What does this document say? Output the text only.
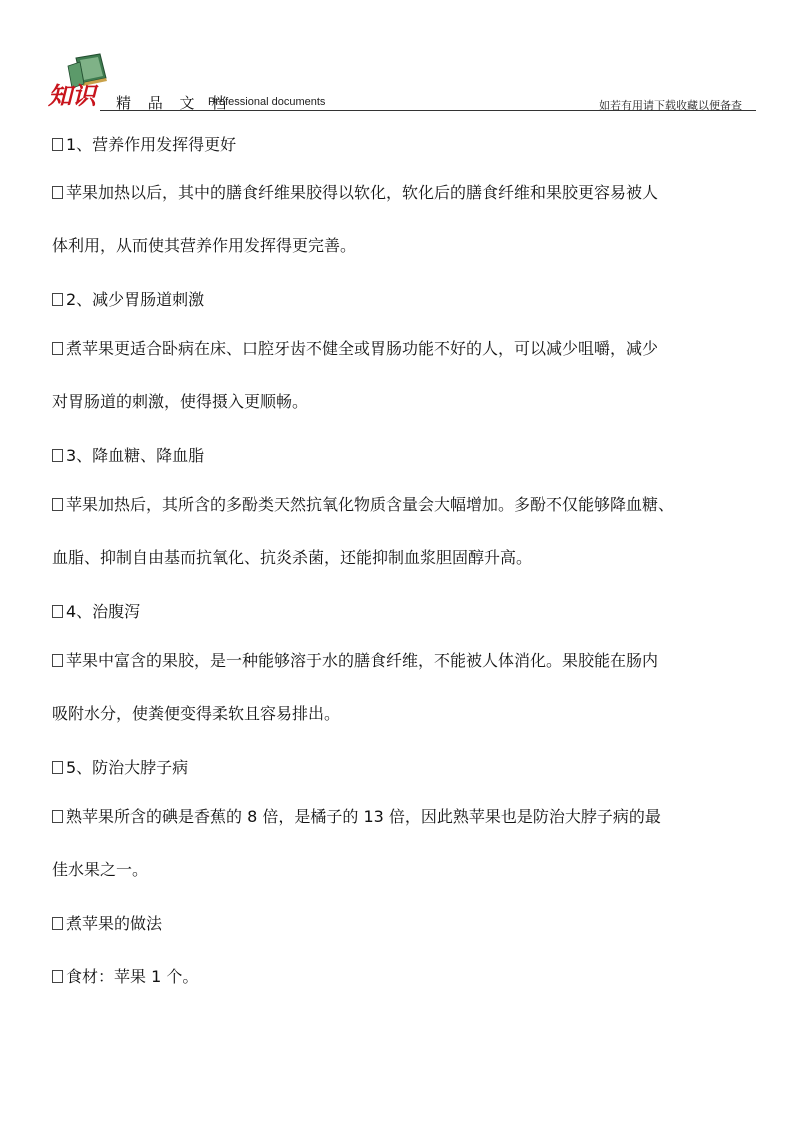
知识 精 品 文 档
Professional documents	如若有用请下载收藏以便备查
1、营养作用发挥得更好
苹果加热以后，其中的膳食纤维果胶得以软化，软化后的膳食纤维和果胶更容易被人
体利用，从而使其营养作用发挥得更完善。
2、减少胃肠道刺激
煮苹果更适合卧病在床、口腔牙齿不健全或胃肠功能不好的人，可以减少咀嚼，减少
对胃肠道的刺激，使得摄入更顺畅。
3、降血糖、降血脂
苹果加热后，其所含的多酚类天然抗氧化物质含量会大幅增加。多酚不仅能够降血糖、
血脂、抑制自由基而抗氧化、抗炎杀菌，还能抑制血浆胆固醇升高。
4、治腹泻
苹果中富含的果胶，是一种能够溶于水的膳食纤维，不能被人体消化。果胶能在肠内
吸附水分，使粪便变得柔软且容易排出。
5、防治大脖子病
熟苹果所含的碘是香蕉的 8 倍，是橘子的 13 倍，因此熟苹果也是防治大脖子病的最
佳水果之一。
煮苹果的做法
食材：苹果 1 个。
